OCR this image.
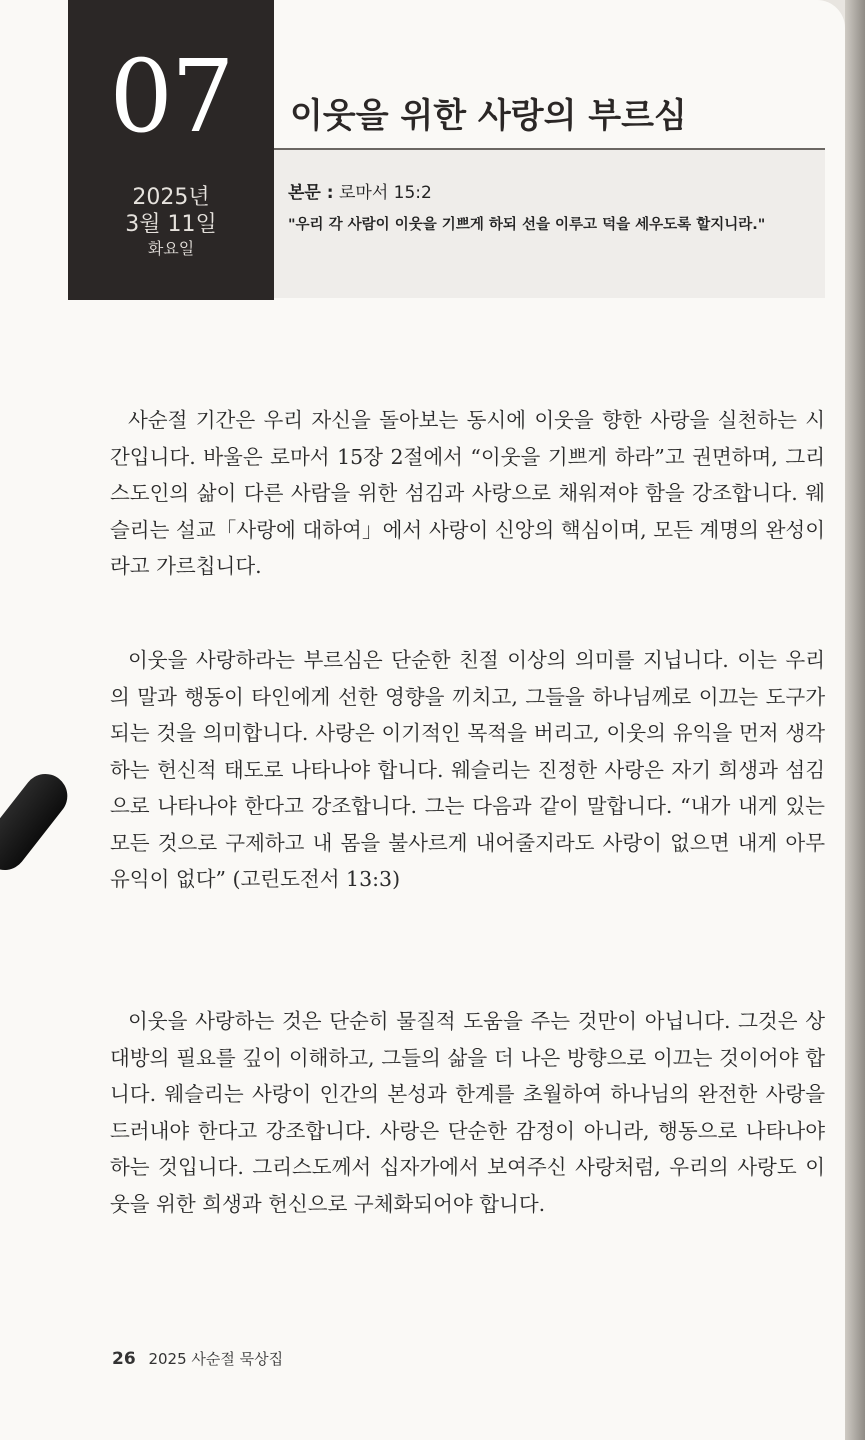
07
2025년
3월 11일
화요일
이웃을 위한 사랑의 부르심
본문 : 로마서 15:2
"우리 각 사람이 이웃을 기쁘게 하되 선을 이루고 덕을 세우도록 할지니라."

사순절 기간은 우리 자신을 돌아보는 동시에 이웃을 향한 사랑을 실천하는 시간입니다. 바울은 로마서 15장 2절에서 “이웃을 기쁘게 하라”고 권면하며, 그리스도인의 삶이 다른 사람을 위한 섬김과 사랑으로 채워져야 함을 강조합니다. 웨슬리는 설교「사랑에 대하여」에서 사랑이 신앙의 핵심이며, 모든 계명의 완성이라고 가르칩니다.

이웃을 사랑하라는 부르심은 단순한 친절 이상의 의미를 지닙니다. 이는 우리의 말과 행동이 타인에게 선한 영향을 끼치고, 그들을 하나님께로 이끄는 도구가 되는 것을 의미합니다. 사랑은 이기적인 목적을 버리고, 이웃의 유익을 먼저 생각하는 헌신적 태도로 나타나야 합니다. 웨슬리는 진정한 사랑은 자기 희생과 섬김으로 나타나야 한다고 강조합니다. 그는 다음과 같이 말합니다. “내가 내게 있는 모든 것으로 구제하고 내 몸을 불사르게 내어줄지라도 사랑이 없으면 내게 아무 유익이 없다” (고린도전서 13:3)

이웃을 사랑하는 것은 단순히 물질적 도움을 주는 것만이 아닙니다. 그것은 상대방의 필요를 깊이 이해하고, 그들의 삶을 더 나은 방향으로 이끄는 것이어야 합니다. 웨슬리는 사랑이 인간의 본성과 한계를 초월하여 하나님의 완전한 사랑을 드러내야 한다고 강조합니다. 사랑은 단순한 감정이 아니라, 행동으로 나타나야 하는 것입니다. 그리스도께서 십자가에서 보여주신 사랑처럼, 우리의 사랑도 이웃을 위한 희생과 헌신으로 구체화되어야 합니다.

26 2025 사순절 묵상집
